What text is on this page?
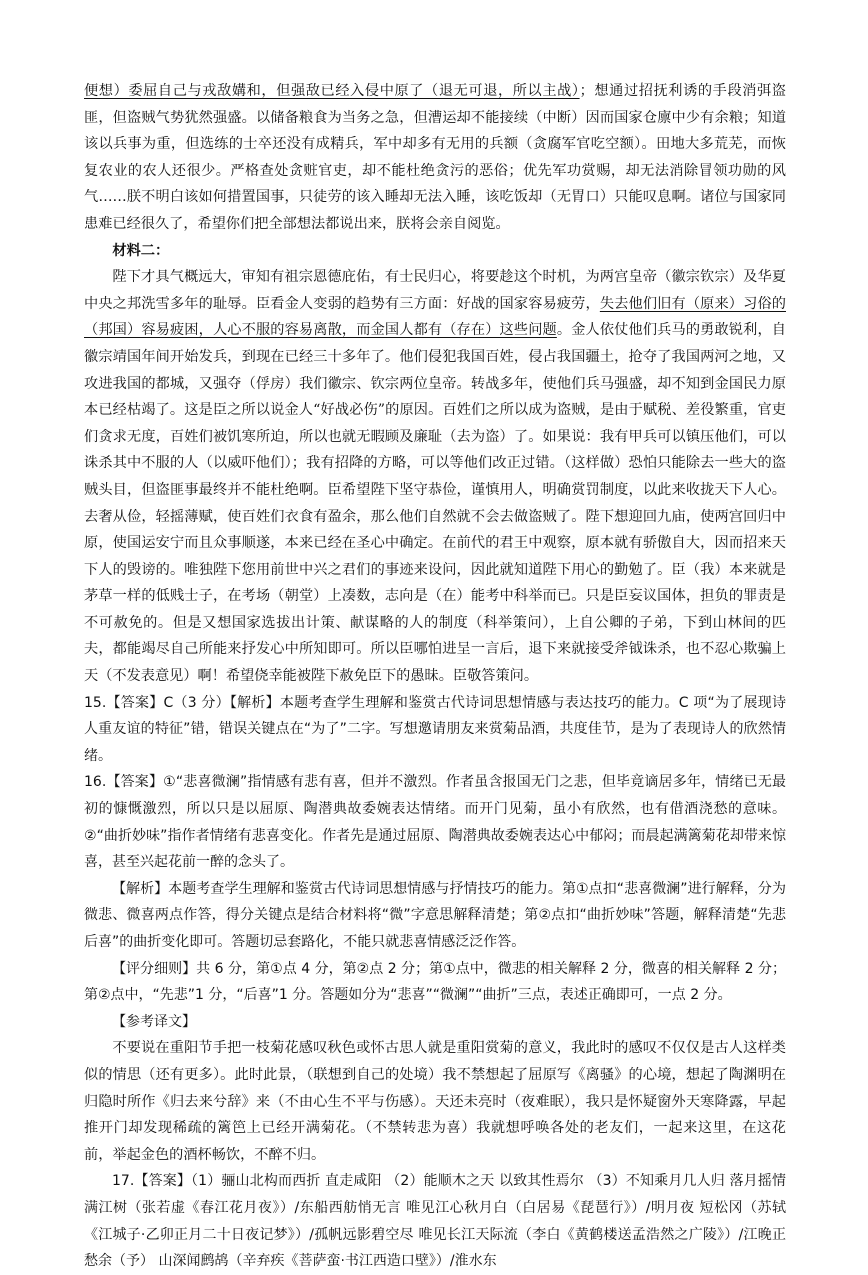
便想）委屈自己与戎敌媾和，但强敌已经入侵中原了（退无可退，所以主战）；想通过招抚利诱的手段消弭盗匪，但盗贼气势犹然强盛。以储备粮食为当务之急，但漕运却不能接续（中断）因而国家仓廪中少有余粮；知道该以兵事为重，但选练的士卒还没有成精兵，军中却多有无用的兵额（贪腐军官吃空额）。田地大多荒芜，而恢复农业的农人还很少。严格查处贪赃官吏，却不能杜绝贪污的恶俗；优先军功赏赐，却无法消除冒领功勋的风气……朕不明白该如何措置国事，只徒劳的该入睡却无法入睡，该吃饭却（无胃口）只能叹息啊。诸位与国家同患难已经很久了，希望你们把全部想法都说出来，朕将会亲自阅览。

材料二：

陛下才具气概远大，审知有祖宗恩德庇佑，有士民归心，将要趁这个时机，为两宫皇帝（徽宗钦宗）及华夏中央之邦洗雪多年的耻辱。臣看金人变弱的趋势有三方面：好战的国家容易疲劳，失去他们旧有（原来）习俗的（邦国）容易疲困，人心不服的容易离散，而金国人都有（存在）这些问题。金人依仗他们兵马的勇敢锐利，自徽宗靖国年间开始发兵，到现在已经三十多年了。他们侵犯我国百姓，侵占我国疆土，抢夺了我国两河之地，又攻进我国的都城，又强夺（俘房）我们徽宗、钦宗两位皇帝。转战多年，使他们兵马强盛，却不知到金国民力原本已经枯竭了。这是臣之所以说金人“好战必伤”的原因。百姓们之所以成为盗贼，是由于赋税、差役繁重，官吏们贪求无度，百姓们被饥寒所迫，所以也就无暇顾及廉耻（去为盗）了。如果说：我有甲兵可以镇压他们，可以诛杀其中不服的人（以威吓他们）；我有招降的方略，可以等他们改正过错。（这样做）恐怕只能除去一些大的盗贼头目，但盗匪事最终并不能杜绝啊。臣希望陛下坚守恭俭，谨慎用人，明确赏罚制度，以此来收拢天下人心。去奢从俭，轻摇薄赋，使百姓们衣食有盈余，那么他们自然就不会去做盗贼了。陛下想迎回九庙，使两宫回归中原，使国运安宁而且众事顺遂，本来已经在圣心中确定。在前代的君王中观察，原本就有骄傲自大，因而招来天下人的毁谤的。唯独陛下您用前世中兴之君们的事迹来设问，因此就知道陛下用心的勤勉了。臣（我）本来就是茅草一样的低贱士子，在考场（朝堂）上凑数，志向是（在）能考中科举而已。只是臣妄议国体，担负的罪责是不可赦免的。但是又想国家选拔出计策、献谋略的人的制度（科举策问），上自公卿的子弟，下到山林间的匹夫，都能竭尽自己所能来抒发心中所知即可。所以臣哪怕进呈一言后，退下来就接受斧钺诛杀，也不忍心欺骗上天（不发表意见）啊！希望侥幸能被陛下赦免臣下的愚昧。臣敬答策问。

15.【答案】C（3 分）【解析】本题考查学生理解和鉴赏古代诗词思想情感与表达技巧的能力。C 项“为了展现诗人重友谊的特征”错，错误关键点在“为了”二字。写想邀请朋友来赏菊品酒，共度佳节，是为了表现诗人的欣然情绪。

16.【答案】①“悲喜微澜”指情感有悲有喜，但并不激烈。作者虽含报国无门之悲，但毕竟谪居多年，情绪已无最初的慷慨激烈，所以只是以屈原、陶潜典故委婉表达情绪。而开门见菊，虽小有欣然，也有借酒浇愁的意味。②“曲折妙味”指作者情绪有悲喜变化。作者先是通过屈原、陶潜典故委婉表达心中郁闷；而晨起满篱菊花却带来惊喜，甚至兴起花前一醉的念头了。

【解析】本题考查学生理解和鉴赏古代诗词思想情感与抒情技巧的能力。第①点扣“悲喜微澜”进行解释，分为微悲、微喜两点作答，得分关键点是结合材料将“微”字意思解释清楚；第②点扣“曲折妙味”答题，解释清楚“先悲后喜”的曲折变化即可。答题切忌套路化，不能只就悲喜情感泛泛作答。

【评分细则】共 6 分，第①点 4 分，第②点 2 分；第①点中，微悲的相关解释 2 分，微喜的相关解释 2 分；第②点中，“先悲”1 分，“后喜”1 分。答题如分为“悲喜”“微澜”“曲折”三点，表述正确即可，一点 2 分。

【参考译文】

不要说在重阳节手把一枝菊花感叹秋色或怀古思人就是重阳赏菊的意义，我此时的感叹不仅仅是古人这样类似的情思（还有更多）。此时此景，（联想到自己的处境）我不禁想起了屈原写《离骚》的心境，想起了陶渊明在归隐时所作《归去来兮辞》来（不由心生不平与伤感）。天还未亮时（夜难眠），我只是怀疑窗外天寒降露，早起推开门却发现稀疏的篱笆上已经开满菊花。（不禁转悲为喜）我就想呼唤各处的老友们，一起来这里，在这花前，举起金色的酒杯畅饮，不醉不归。

17.【答案】（1）骊山北构而西折 直走咸阳 （2）能顺木之天 以致其性焉尔 （3）不知乘月几人归 落月摇情满江树（张若虚《春江花月夜》）/东船西舫悄无言 唯见江心秋月白（白居易《琵琶行》）/明月夜 短松冈（苏轼《江城子·乙卯正月二十日夜记梦》）/孤帆远影碧空尽 唯见长江天际流（李白《黄鹤楼送孟浩然之广陵》）/江晚正愁余（予） 山深闻鹧鸪（辛弃疾《菩萨蛮·书江西造口壁》）/淮水东
